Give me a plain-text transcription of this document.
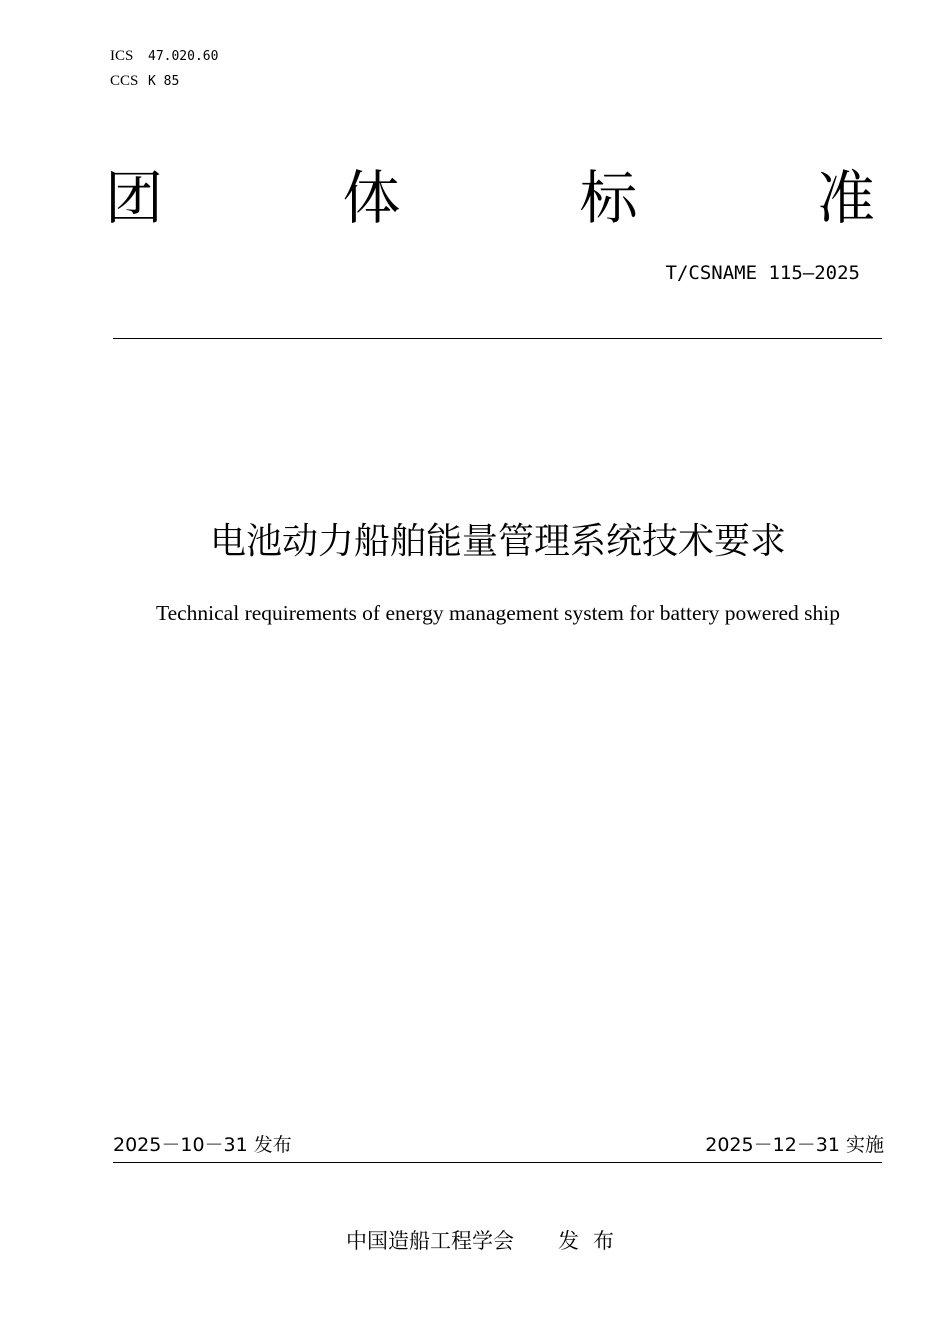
ICS 47.020.60
CCS K 85
团	体	标	准
T/CSNAME 115—2025
电池动力船舶能量管理系统技术要求
Technical requirements of energy management system for battery powered ship
2025－10－31 发布	2025－12－31 实施
中国造船工程学会 发布
